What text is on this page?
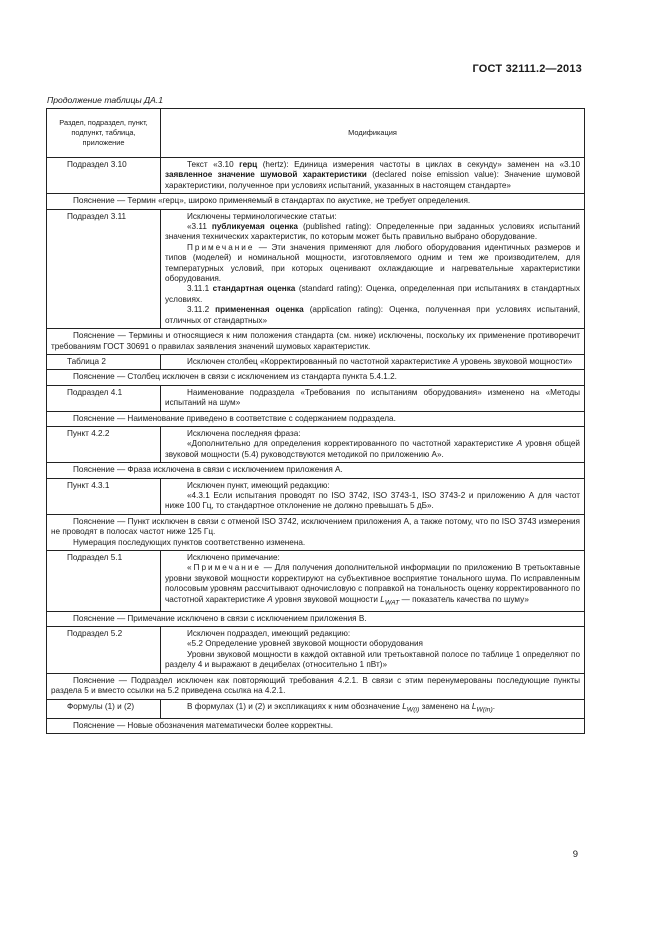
ГОСТ 32111.2—2013
Продолжение таблицы ДА.1
Раздел, подраздел, пункт, подпункт, таблица, приложение	Модификация
Подраздел 3.10	Текст «3.10 герц (hertz): Единица измерения частоты в циклах в секунду» заменен на «3.10 заявленное значение шумовой характеристики (declared noise emission value): Значение шумовой характеристики, полученное при условиях испытаний, указанных в настоящем стандарте»

Пояснение — Термин «герц», широко применяемый в стандартах по акустике, не требует определения.	

Подраздел 3.11	Исключены терминологические статьи:
«3.11 публикуемая оценка (published rating): Определенные при заданных условиях испытаний значения технических характеристик, по которым может быть правильно выбрано оборудование.
Примечание — Эти значения применяют для любого оборудования идентичных размеров и типов (моделей) и номинальной мощности, изготовляемого одним и тем же производителем, для температурных условий, при которых оценивают охлаждающие и нагревательные характеристики оборудования.
3.11.1 стандартная оценка (standard rating): Оценка, определенная при испытаниях в стандартных условиях.
3.11.2 примененная оценка (application rating): Оценка, полученная при условиях испытаний, отличных от стандартных»

Пояснение — Термины и относящиеся к ним положения стандарта (см. ниже) исключены, поскольку их применение противоречит требованиям ГОСТ 30691 о правилах заявления значений шумовых характеристик.	

Таблица 2	Исключен столбец «Корректированный по частотной характеристике А уровень звуковой мощности»

Пояснение — Столбец исключен в связи с исключением из стандарта пункта 5.4.1.2.	

Подраздел 4.1	Наименование подраздела «Требования по испытаниям оборудования» изменено на «Методы испытаний на шум»

Пояснение — Наименование приведено в соответствие с содержанием подраздела.	

Пункт 4.2.2	Исключена последняя фраза:
«Дополнительно для определения корректированного по частотной характеристике А уровня общей звуковой мощности (5.4) руководствуются методикой по приложению А».

Пояснение — Фраза исключена в связи с исключением приложения А.	

Пункт 4.3.1	Исключен пункт, имеющий редакцию:
«4.3.1 Если испытания проводят по ISO 3742, ISO 3743-1, ISO 3743-2 и приложению А для частот ниже 100 Гц, то стандартное отклонение не должно превышать 5 дБ».

Пояснение — Пункт исключен в связи с отменой ISO 3742, исключением приложения А, а также потому, что по ISO 3743 измерения не проводят в полосах частот ниже 125 Гц.
Нумерация последующих пунктов соответственно изменена.	

Подраздел 5.1	Исключено примечание:
«Примечание — Для получения дополнительной информации по приложению В третьоктавные уровни звуковой мощности корректируют на субъективное восприятие тонального шума. По исправленным полосовым уровням рассчитывают одночисловую с поправкой на тональность оценку корректированного по частотной характеристике А уровня звуковой мощности $L_{WAT}$ — показатель качества по шуму»

Пояснение — Примечание исключено в связи с исключением приложения В.	

Подраздел 5.2	Исключен подраздел, имеющий редакцию:
«5.2 Определение уровней звуковой мощности оборудования
Уровни звуковой мощности в каждой октавной или третьоктавной полосе по таблице 1 определяют по разделу 4 и выражают в децибелах (относительно 1 пВт)»

Пояснение — Подраздел исключен как повторяющий требования 4.2.1. В связи с этим перенумерованы последующие пункты раздела 5 и вместо ссылки на 5.2 приведена ссылка на 4.2.1.	

Формулы (1) и (2)	В формулах (1) и (2) и экспликациях к ним обозначение $L_{W(i)}$ заменено на $L_{W(in)}$.

Пояснение — Новые обозначения математически более корректны.	
9
